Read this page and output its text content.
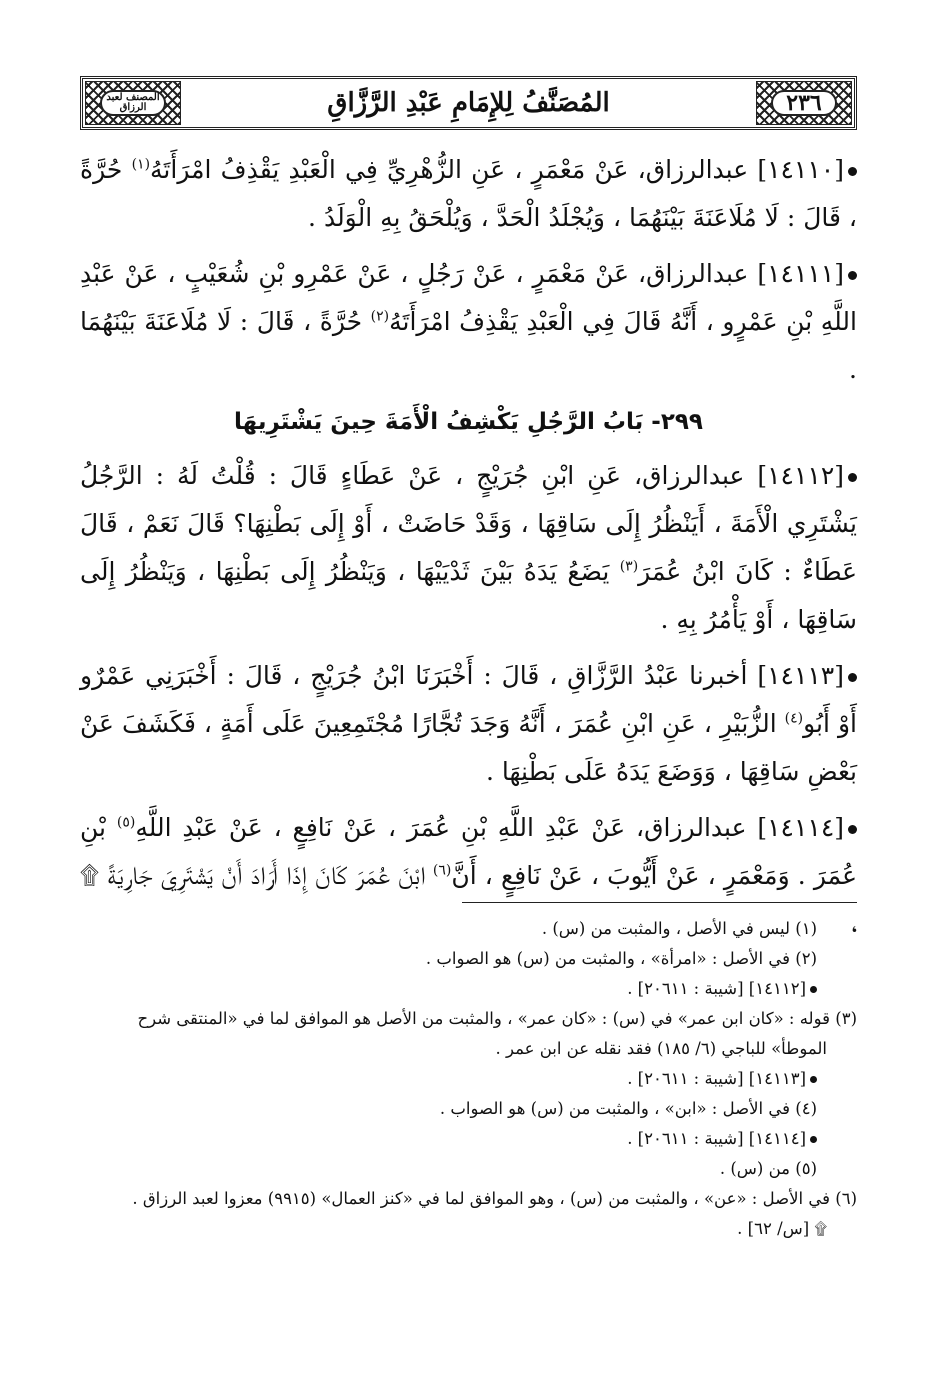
٢٣٦
المُصَنَّفُ لِلإِمَامِ عَبْدِ الرَّزَّاقِ
المصنف لعبد الرزاق
[١٤١١٠] عبدالرزاق، عَنْ مَعْمَرٍ ، عَنِ الزُّهْرِيِّ فِي الْعَبْدِ يَقْذِفُ امْرَأَتَهُ$^{(١)}$ حُرَّةً ، قَالَ : لَا مُلَاعَنَةَ بَيْنَهُمَا ، وَيُجْلَدُ الْحَدَّ ، وَيُلْحَقُ بِهِ الْوَلَدُ .
[١٤١١١] عبدالرزاق، عَنْ مَعْمَرٍ ، عَنْ رَجُلٍ ، عَنْ عَمْرِو بْنِ شُعَيْبٍ ، عَنْ عَبْدِ اللَّهِ بْنِ عَمْرٍو ، أَنَّهُ قَالَ فِي الْعَبْدِ يَقْذِفُ امْرَأَتَهُ$^{(٢)}$ حُرَّةً ، قَالَ : لَا مُلَاعَنَةَ بَيْنَهُمَا .
٢٩٩- بَابُ الرَّجُلِ يَكْشِفُ الْأَمَةَ حِينَ يَشْتَرِيهَا
[١٤١١٢] عبدالرزاق، عَنِ ابْنِ جُرَيْجٍ ، عَنْ عَطَاءٍ قَالَ : قُلْتُ لَهُ : الرَّجُلُ يَشْتَرِي الْأَمَةَ ، أَيَنْظُرُ إِلَى سَاقِهَا ، وَقَدْ حَاضَتْ ، أَوْ إِلَى بَطْنِهَا؟ قَالَ نَعَمْ ، قَالَ عَطَاءٌ : كَانَ ابْنُ عُمَرَ$^{(٣)}$ يَضَعُ يَدَهُ بَيْنَ ثَدْيَيْهَا ، وَيَنْظُرُ إِلَى بَطْنِهَا ، وَيَنْظُرُ إِلَى سَاقِهَا ، أَوْ يَأْمُرُ بِهِ .
[١٤١١٣] أخبرنا عَبْدُ الرَّزَّاقِ ، قَالَ : أَخْبَرَنَا ابْنُ جُرَيْجٍ ، قَالَ : أَخْبَرَنِي عَمْرٌو أَوْ أَبُو$^{(٤)}$ الزُّبَيْرِ ، عَنِ ابْنِ عُمَرَ ، أَنَّهُ وَجَدَ تُجَّارًا مُجْتَمِعِينَ عَلَى أَمَةٍ ، فَكَشَفَ عَنْ بَعْضِ سَاقِهَا ، وَوَضَعَ يَدَهُ عَلَى بَطْنِهَا .
[١٤١١٤] عبدالرزاق، عَنْ عَبْدِ اللَّهِ بْنِ عُمَرَ ، عَنْ نَافِعٍ ، عَنْ عَبْدِ اللَّهِ$^{(٥)}$ بْنِ عُمَرَ . وَمَعْمَرٍ ، عَنْ أَيُّوبَ ، عَنْ نَافِعٍ ، أَنَّ$^{(٦)}$ ابْنَ عُمَرَ كَانَ إِذَا أَرَادَ أَنْ يَشْتَرِيَ جَارِيَةً ۩ ،
(١) ليس في الأصل ، والمثبت من (س) .
(٢) في الأصل : «امرأة» ، والمثبت من (س) هو الصواب .
[١٤١١٢] [شيبة : ٢٠٦١١] .
(٣) قوله : «كان ابن عمر» في (س) : «كان عمر» ، والمثبت من الأصل هو الموافق لما في «المنتقى شرح
الموطأ» للباجي (٦/ ١٨٥) فقد نقله عن ابن عمر .
[١٤١١٣] [شيبة : ٢٠٦١١] .
(٤) في الأصل : «ابن» ، والمثبت من (س) هو الصواب .
[١٤١١٤] [شيبة : ٢٠٦١١] .
(٥) من (س) .
(٦) في الأصل : «عن» ، والمثبت من (س) ، وهو الموافق لما في «كنز العمال» (٩٩١٥) معزوا لعبد الرزاق .
۩ [س/ ٦٢] .
